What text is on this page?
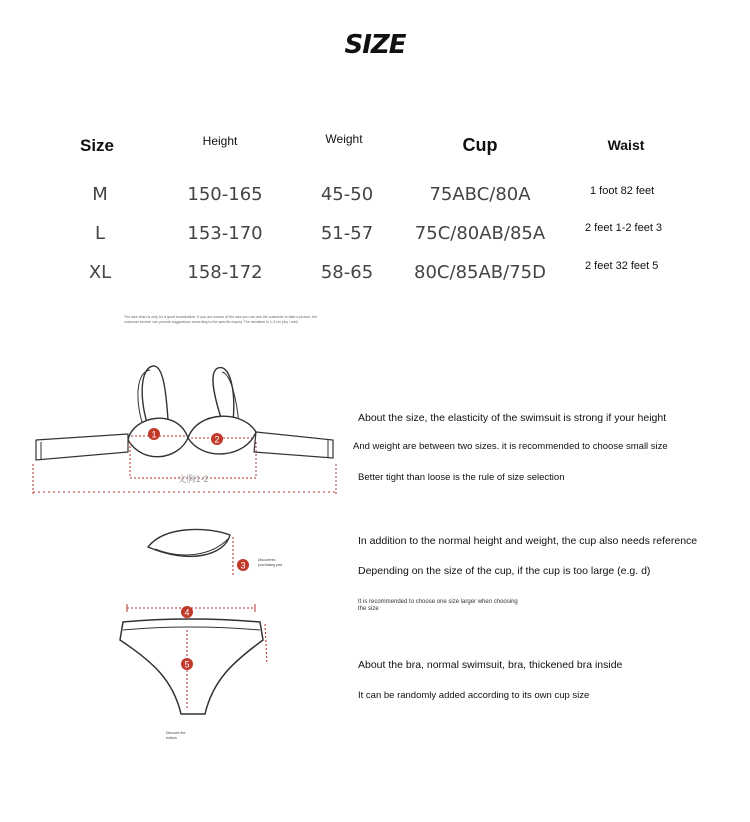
SIZE
Size	Height	Weight	Cup	Waist
M	150-165	45-50	75ABC/80A	1 foot 82 feet
L	153-170	51-57	75C/80AB/85A	2 feet 1-2 feet 3
XL	158-172	58-65	80C/85AB/75D	2 feet 32 feet 5
The size chart is only for a good examination. If you are unsure of the size you can ask the customer to take a picture, the
customer service can provide suggestions according to the specific inquiry. The deviation is 1-3 cm (dry / wet)
1	2
文胸1-2
3
Discovered
purchasing pad
4
5
Discover the
bottom
About the size, the elasticity of the swimsuit is strong if your height
And weight are between two sizes. it is recommended to choose small size
Better tight than loose is the rule of size selection
In addition to the normal height and weight, the cup also needs reference
Depending on the size of the cup, if the cup is too large (e.g. d)
It is recommended to choose one size larger when choosing
the size
About the bra, normal swimsuit, bra, thickened bra inside
It can be randomly added according to its own cup size
